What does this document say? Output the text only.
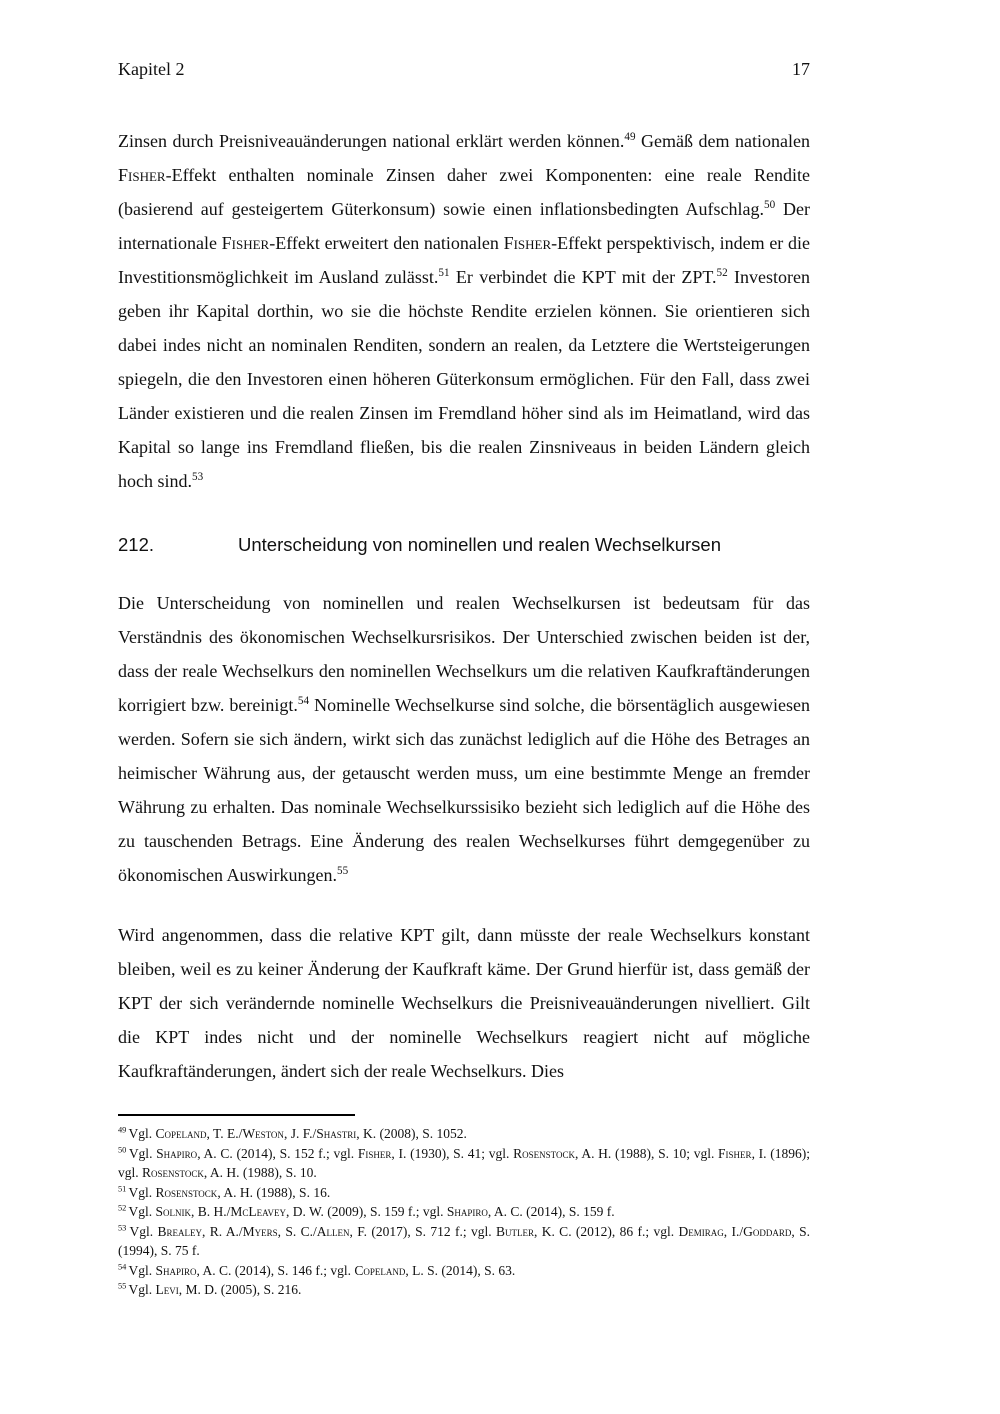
Kapitel 2	17

Zinsen durch Preisniveauänderungen national erklärt werden können.$^{49}$ Gemäß dem nationalen Fisher-Effekt enthalten nominale Zinsen daher zwei Komponenten: eine reale Rendite (basierend auf gesteigertem Güterkonsum) sowie einen inflationsbedingten Aufschlag.$^{50}$ Der internationale Fisher-Effekt erweitert den nationalen Fisher-Effekt perspektivisch, indem er die Investitionsmöglichkeit im Ausland zulässt.$^{51}$ Er verbindet die KPT mit der ZPT.$^{52}$ Investoren geben ihr Kapital dorthin, wo sie die höchste Rendite erzielen können. Sie orientieren sich dabei indes nicht an nominalen Renditen, sondern an realen, da Letztere die Wertsteigerungen spiegeln, die den Investoren einen höheren Güterkonsum ermöglichen. Für den Fall, dass zwei Länder existieren und die realen Zinsen im Fremdland höher sind als im Heimatland, wird das Kapital so lange ins Fremdland fließen, bis die realen Zinsniveaus in beiden Ländern gleich hoch sind.$^{53}$

212.	Unterscheidung von nominellen und realen Wechselkursen

Die Unterscheidung von nominellen und realen Wechselkursen ist bedeutsam für das Verständnis des ökonomischen Wechselkursrisikos. Der Unterschied zwischen beiden ist der, dass der reale Wechselkurs den nominellen Wechselkurs um die relativen Kaufkraftänderungen korrigiert bzw. bereinigt.$^{54}$ Nominelle Wechselkurse sind solche, die börsentäglich ausgewiesen werden. Sofern sie sich ändern, wirkt sich das zunächst lediglich auf die Höhe des Betrages an heimischer Währung aus, der getauscht werden muss, um eine bestimmte Menge an fremder Währung zu erhalten. Das nominale Wechselkurssisiko bezieht sich lediglich auf die Höhe des zu tauschenden Betrags. Eine Änderung des realen Wechselkurses führt demgegenüber zu ökonomischen Auswirkungen.$^{55}$

Wird angenommen, dass die relative KPT gilt, dann müsste der reale Wechselkurs konstant bleiben, weil es zu keiner Änderung der Kaufkraft käme. Der Grund hierfür ist, dass gemäß der KPT der sich verändernde nominelle Wechselkurs die Preisniveauänderungen nivelliert. Gilt die KPT indes nicht und der nominelle Wechselkurs reagiert nicht auf mögliche Kaufkraftänderungen, ändert sich der reale Wechselkurs. Dies

$^{49}$ Vgl. Copeland, T. E./Weston, J. F./Shastri, K. (2008), S. 1052.
$^{50}$ Vgl. Shapiro, A. C. (2014), S. 152 f.; vgl. Fisher, I. (1930), S. 41; vgl. Rosenstock, A. H. (1988), S. 10; vgl. Fisher, I. (1896); vgl. Rosenstock, A. H. (1988), S. 10.
$^{51}$ Vgl. Rosenstock, A. H. (1988), S. 16.
$^{52}$ Vgl. Solnik, B. H./McLeavey, D. W. (2009), S. 159 f.; vgl. Shapiro, A. C. (2014), S. 159 f.
$^{53}$ Vgl. Brealey, R. A./Myers, S. C./Allen, F. (2017), S. 712 f.; vgl. Butler, K. C. (2012), 86 f.; vgl. Demirag, I./Goddard, S. (1994), S. 75 f.
$^{54}$ Vgl. Shapiro, A. C. (2014), S. 146 f.; vgl. Copeland, L. S. (2014), S. 63.
$^{55}$ Vgl. Levi, M. D. (2005), S. 216.
